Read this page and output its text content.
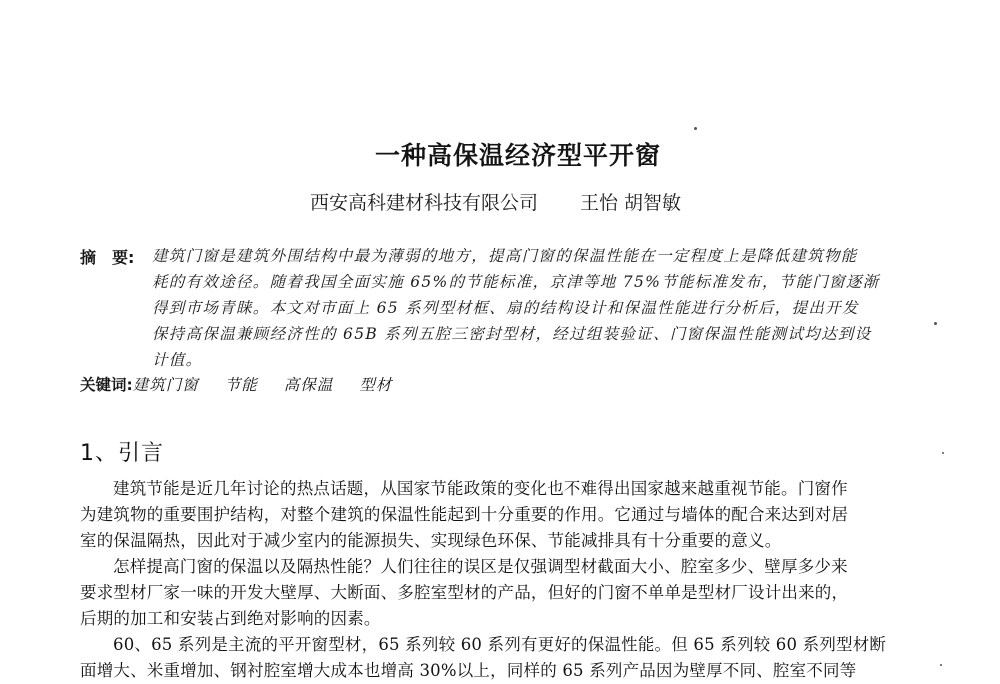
一种高保温经济型平开窗
西安高科建材科技有限公司 王怡 胡智敏
摘　要: 建筑门窗是建筑外围结构中最为薄弱的地方，提高门窗的保温性能在一定程度上是降低建筑物能
耗的有效途径。随着我国全面实施 65%的节能标准，京津等地 75%节能标准发布，节能门窗逐渐
得到市场青睐。本文对市面上 65 系列型材框、扇的结构设计和保温性能进行分析后，提出开发
保持高保温兼顾经济性的 65B 系列五腔三密封型材，经过组装验证、门窗保温性能测试均达到设
计值。
关键词:建筑门窗 节能 高保温 型材
1、引言
建筑节能是近几年讨论的热点话题，从国家节能政策的变化也不难得出国家越来越重视节能。门窗作
为建筑物的重要围护结构，对整个建筑的保温性能起到十分重要的作用。它通过与墙体的配合来达到对居
室的保温隔热，因此对于减少室内的能源损失、实现绿色环保、节能减排具有十分重要的意义。
怎样提高门窗的保温以及隔热性能？人们往往的误区是仅强调型材截面大小、腔室多少、壁厚多少来
要求型材厂家一味的开发大壁厚、大断面、多腔室型材的产品，但好的门窗不单单是型材厂设计出来的，
后期的加工和安装占到绝对影响的因素。
60、65 系列是主流的平开窗型材，65 系列较 60 系列有更好的保温性能。但 65 系列较 60 系列型材断
面增大、米重增加、钢衬腔室增大成本也增高 30%以上，同样的 65 系列产品因为壁厚不同、腔室不同等
